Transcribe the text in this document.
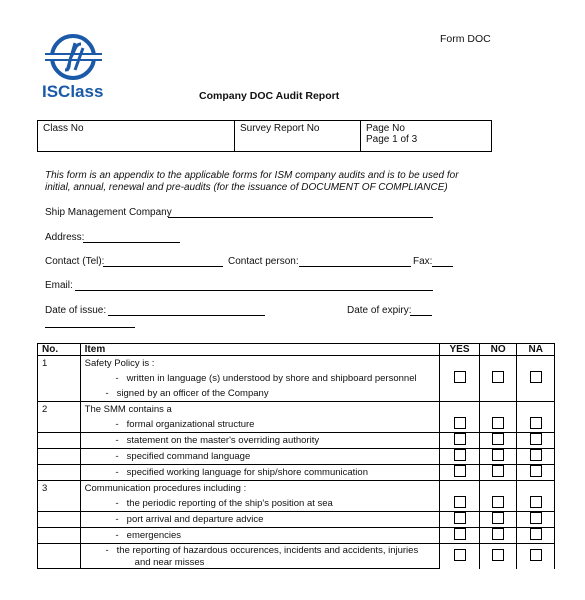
ISClass
Form DOC
Company DOC Audit Report
Class No	Survey Report No	Page No
Page 1 of 3
This form is an appendix to the applicable forms for ISM company audits and is to be used for
initial, annual, renewal and pre-audits (for the issuance of DOCUMENT OF COMPLIANCE)
Ship Management Company
Address:
Contact (Tel):	Contact person:	Fax:
Email:
Date of issue:	Date of expiry:
No.	Item	YES	NO	NA
1	Safety Policy is :			
	- written in language (s) understood by shore and shipboard personnel			
	- signed by an officer of the Company			
2	The SMM contains a			
	- formal organizational structure			
	- statement on the master's overriding authority			
	- specified command language			
	- specified working language for ship/shore communication			
3	Communication procedures including :			
	- the periodic reporting of the ship's position at sea			
	- port arrival and departure advice			
	- emergencies			
	- the reporting of hazardous occurences, incidents and accidents, injuries			
	and near misses			
